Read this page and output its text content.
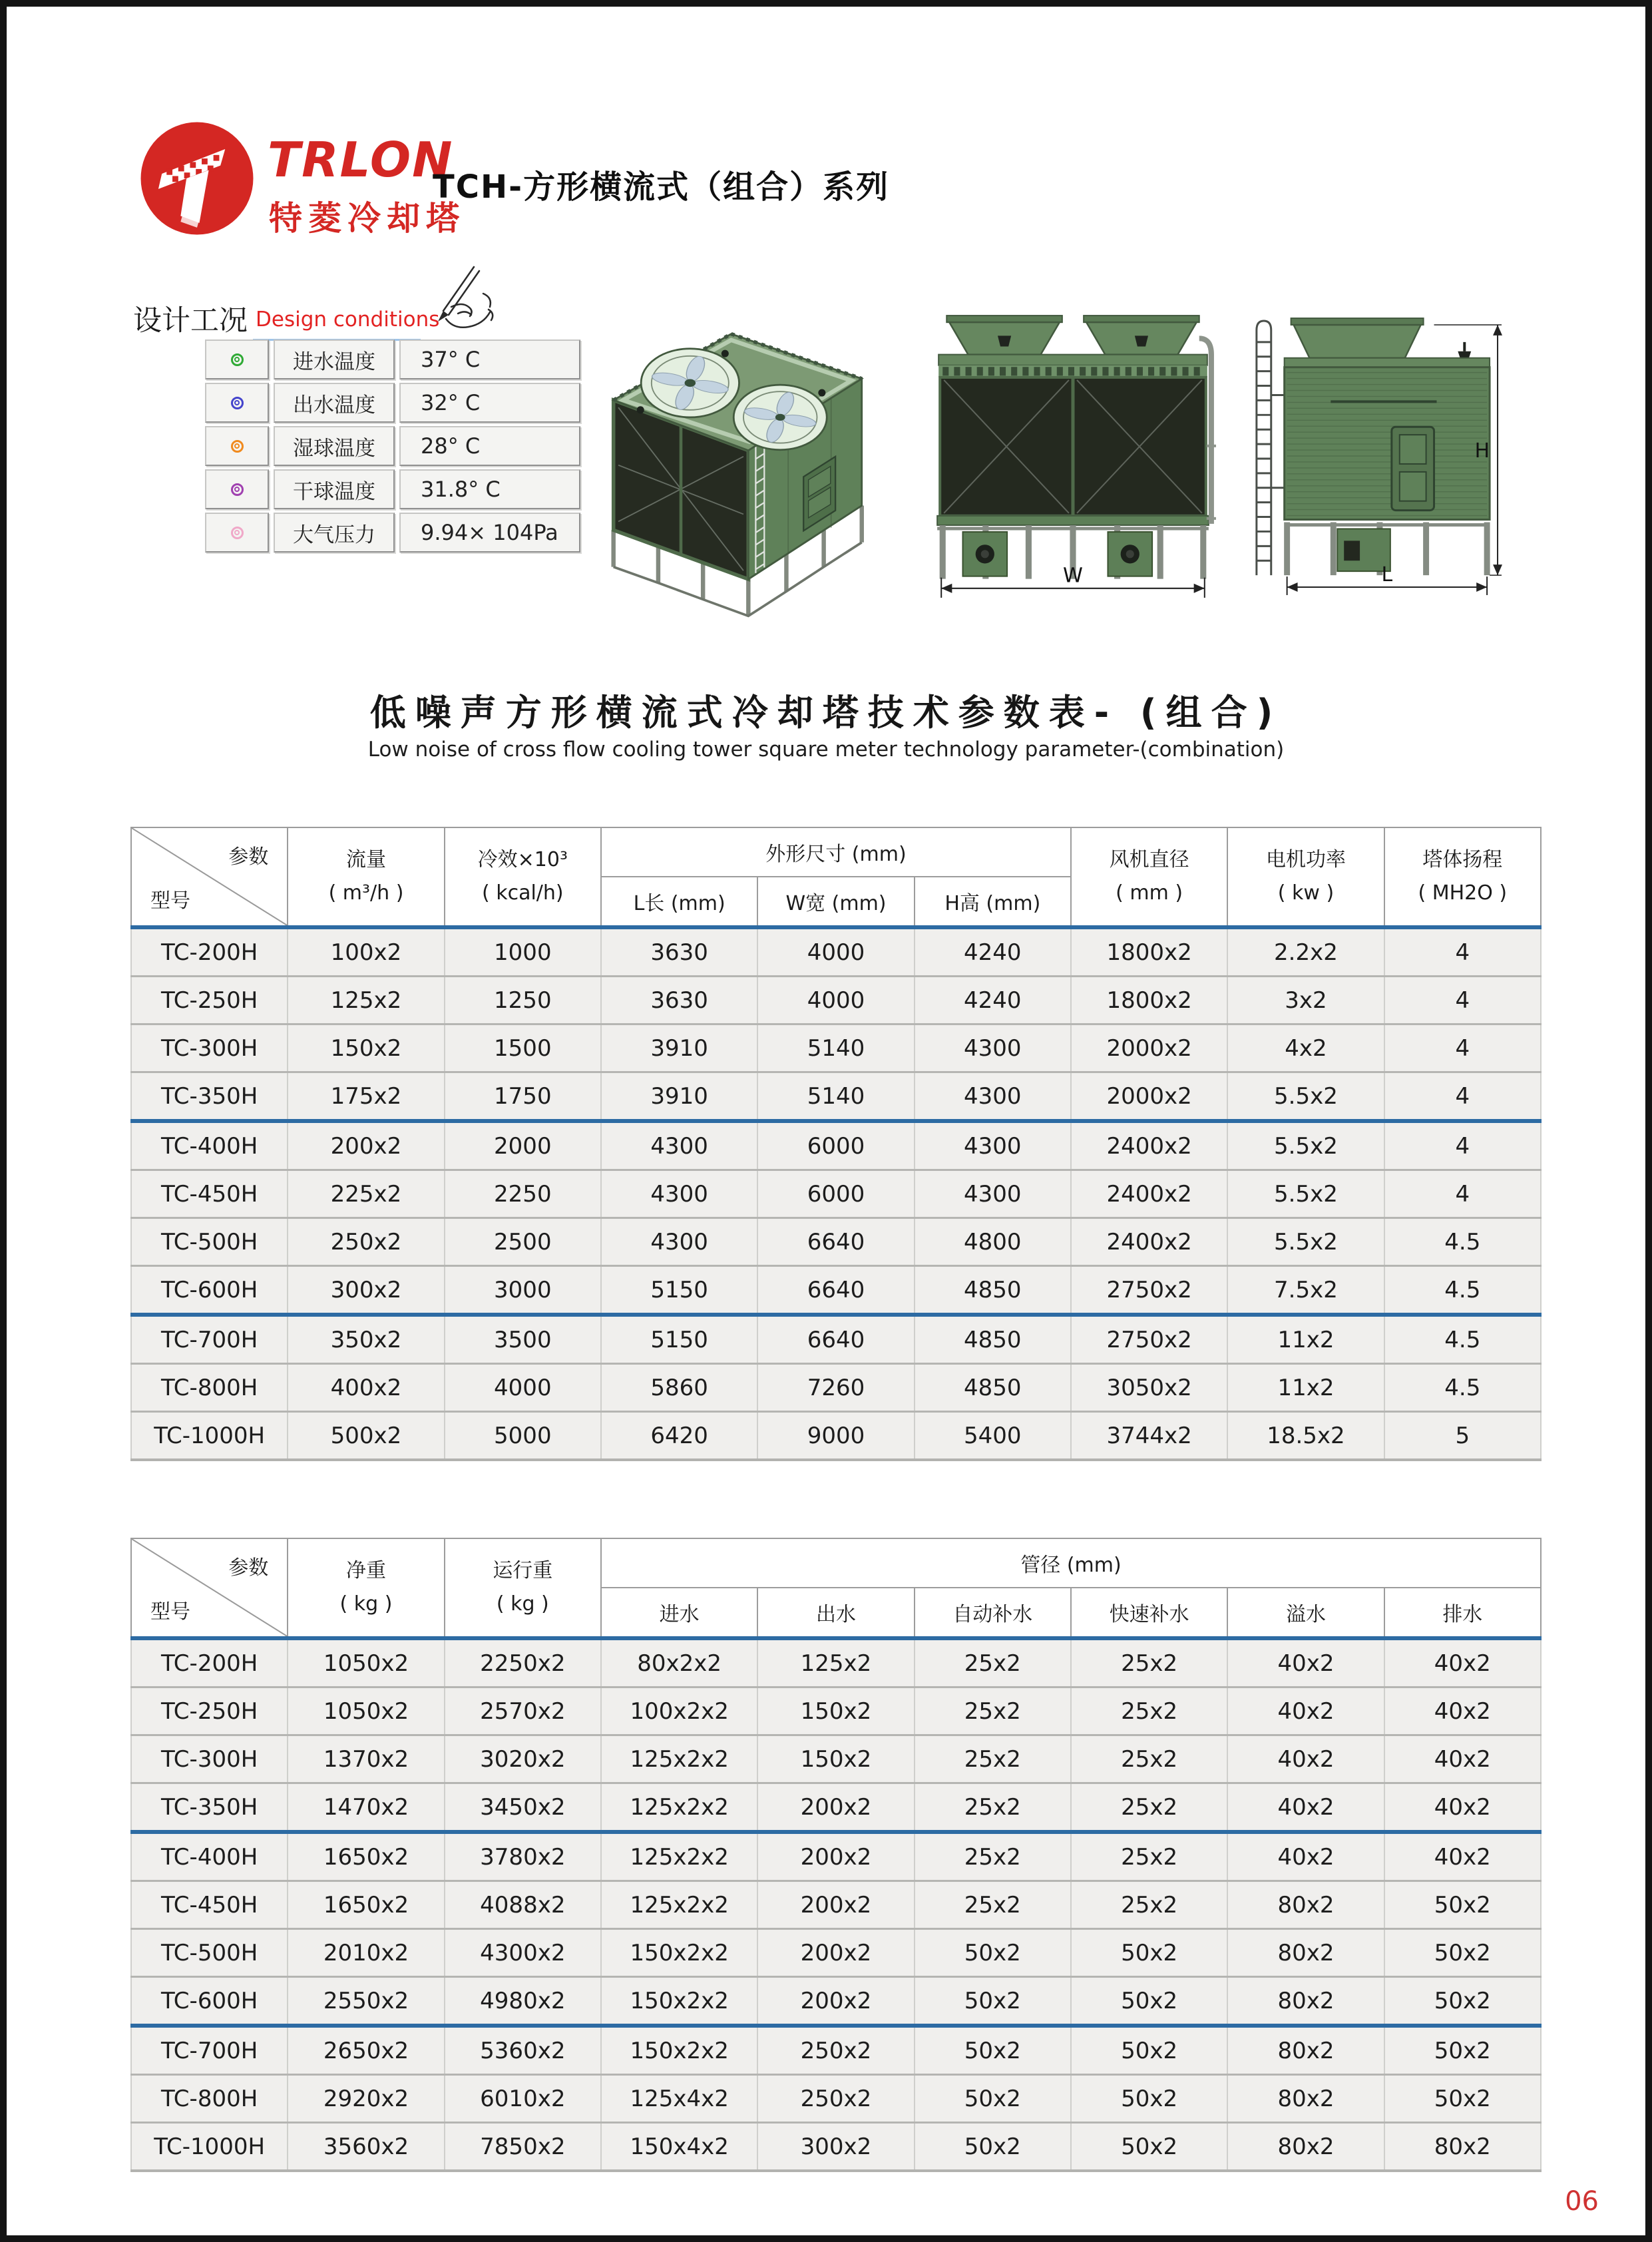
TRLON
特菱冷却塔
TCH-方形横流式（组合）系列
设计工况 Design conditions
进水温度	37° C
出水温度	32° C
湿球温度	28° C
干球温度	31.8° C
大气压力	9.94× 104Pa
W
H
L
低噪声方形横流式冷却塔技术参数表- (组合)
Low noise of cross flow cooling tower square meter technology parameter-(combination)
参数
型号

流量
( m³/h )

冷效×10³
( kcal/h)
	外形尺寸 (mm)	风机直径
( mm )

电机功率
( kw )

塔体扬程
( MH2O )

			L长 (mm)	W宽 (mm)	H高 (mm)			
TC-200H	100x2	1000	3630	4000	4240	1800x2	2.2x2	4
TC-250H	125x2	1250	3630	4000	4240	1800x2	3x2	4
TC-300H	150x2	1500	3910	5140	4300	2000x2	4x2	4
TC-350H	175x2	1750	3910	5140	4300	2000x2	5.5x2	4
TC-400H	200x2	2000	4300	6000	4300	2400x2	5.5x2	4
TC-450H	225x2	2250	4300	6000	4300	2400x2	5.5x2	4
TC-500H	250x2	2500	4300	6640	4800	2400x2	5.5x2	4.5
TC-600H	300x2	3000	5150	6640	4850	2750x2	7.5x2	4.5
TC-700H	350x2	3500	5150	6640	4850	2750x2	11x2	4.5
TC-800H	400x2	4000	5860	7260	4850	3050x2	11x2	4.5
TC-1000H	500x2	5000	6420	9000	5400	3744x2	18.5x2	5
参数
型号

净重
( kg )

运行重
( kg )
	管径 (mm)
			进水	出水	自动补水	快速补水	溢水	排水
TC-200H	1050x2	2250x2	80x2x2	125x2	25x2	25x2	40x2	40x2
TC-250H	1050x2	2570x2	100x2x2	150x2	25x2	25x2	40x2	40x2
TC-300H	1370x2	3020x2	125x2x2	150x2	25x2	25x2	40x2	40x2
TC-350H	1470x2	3450x2	125x2x2	200x2	25x2	25x2	40x2	40x2
TC-400H	1650x2	3780x2	125x2x2	200x2	25x2	25x2	40x2	40x2
TC-450H	1650x2	4088x2	125x2x2	200x2	25x2	25x2	80x2	50x2
TC-500H	2010x2	4300x2	150x2x2	200x2	50x2	50x2	80x2	50x2
TC-600H	2550x2	4980x2	150x2x2	200x2	50x2	50x2	80x2	50x2
TC-700H	2650x2	5360x2	150x2x2	250x2	50x2	50x2	80x2	50x2
TC-800H	2920x2	6010x2	125x4x2	250x2	50x2	50x2	80x2	50x2
TC-1000H	3560x2	7850x2	150x4x2	300x2	50x2	50x2	80x2	80x2
06
